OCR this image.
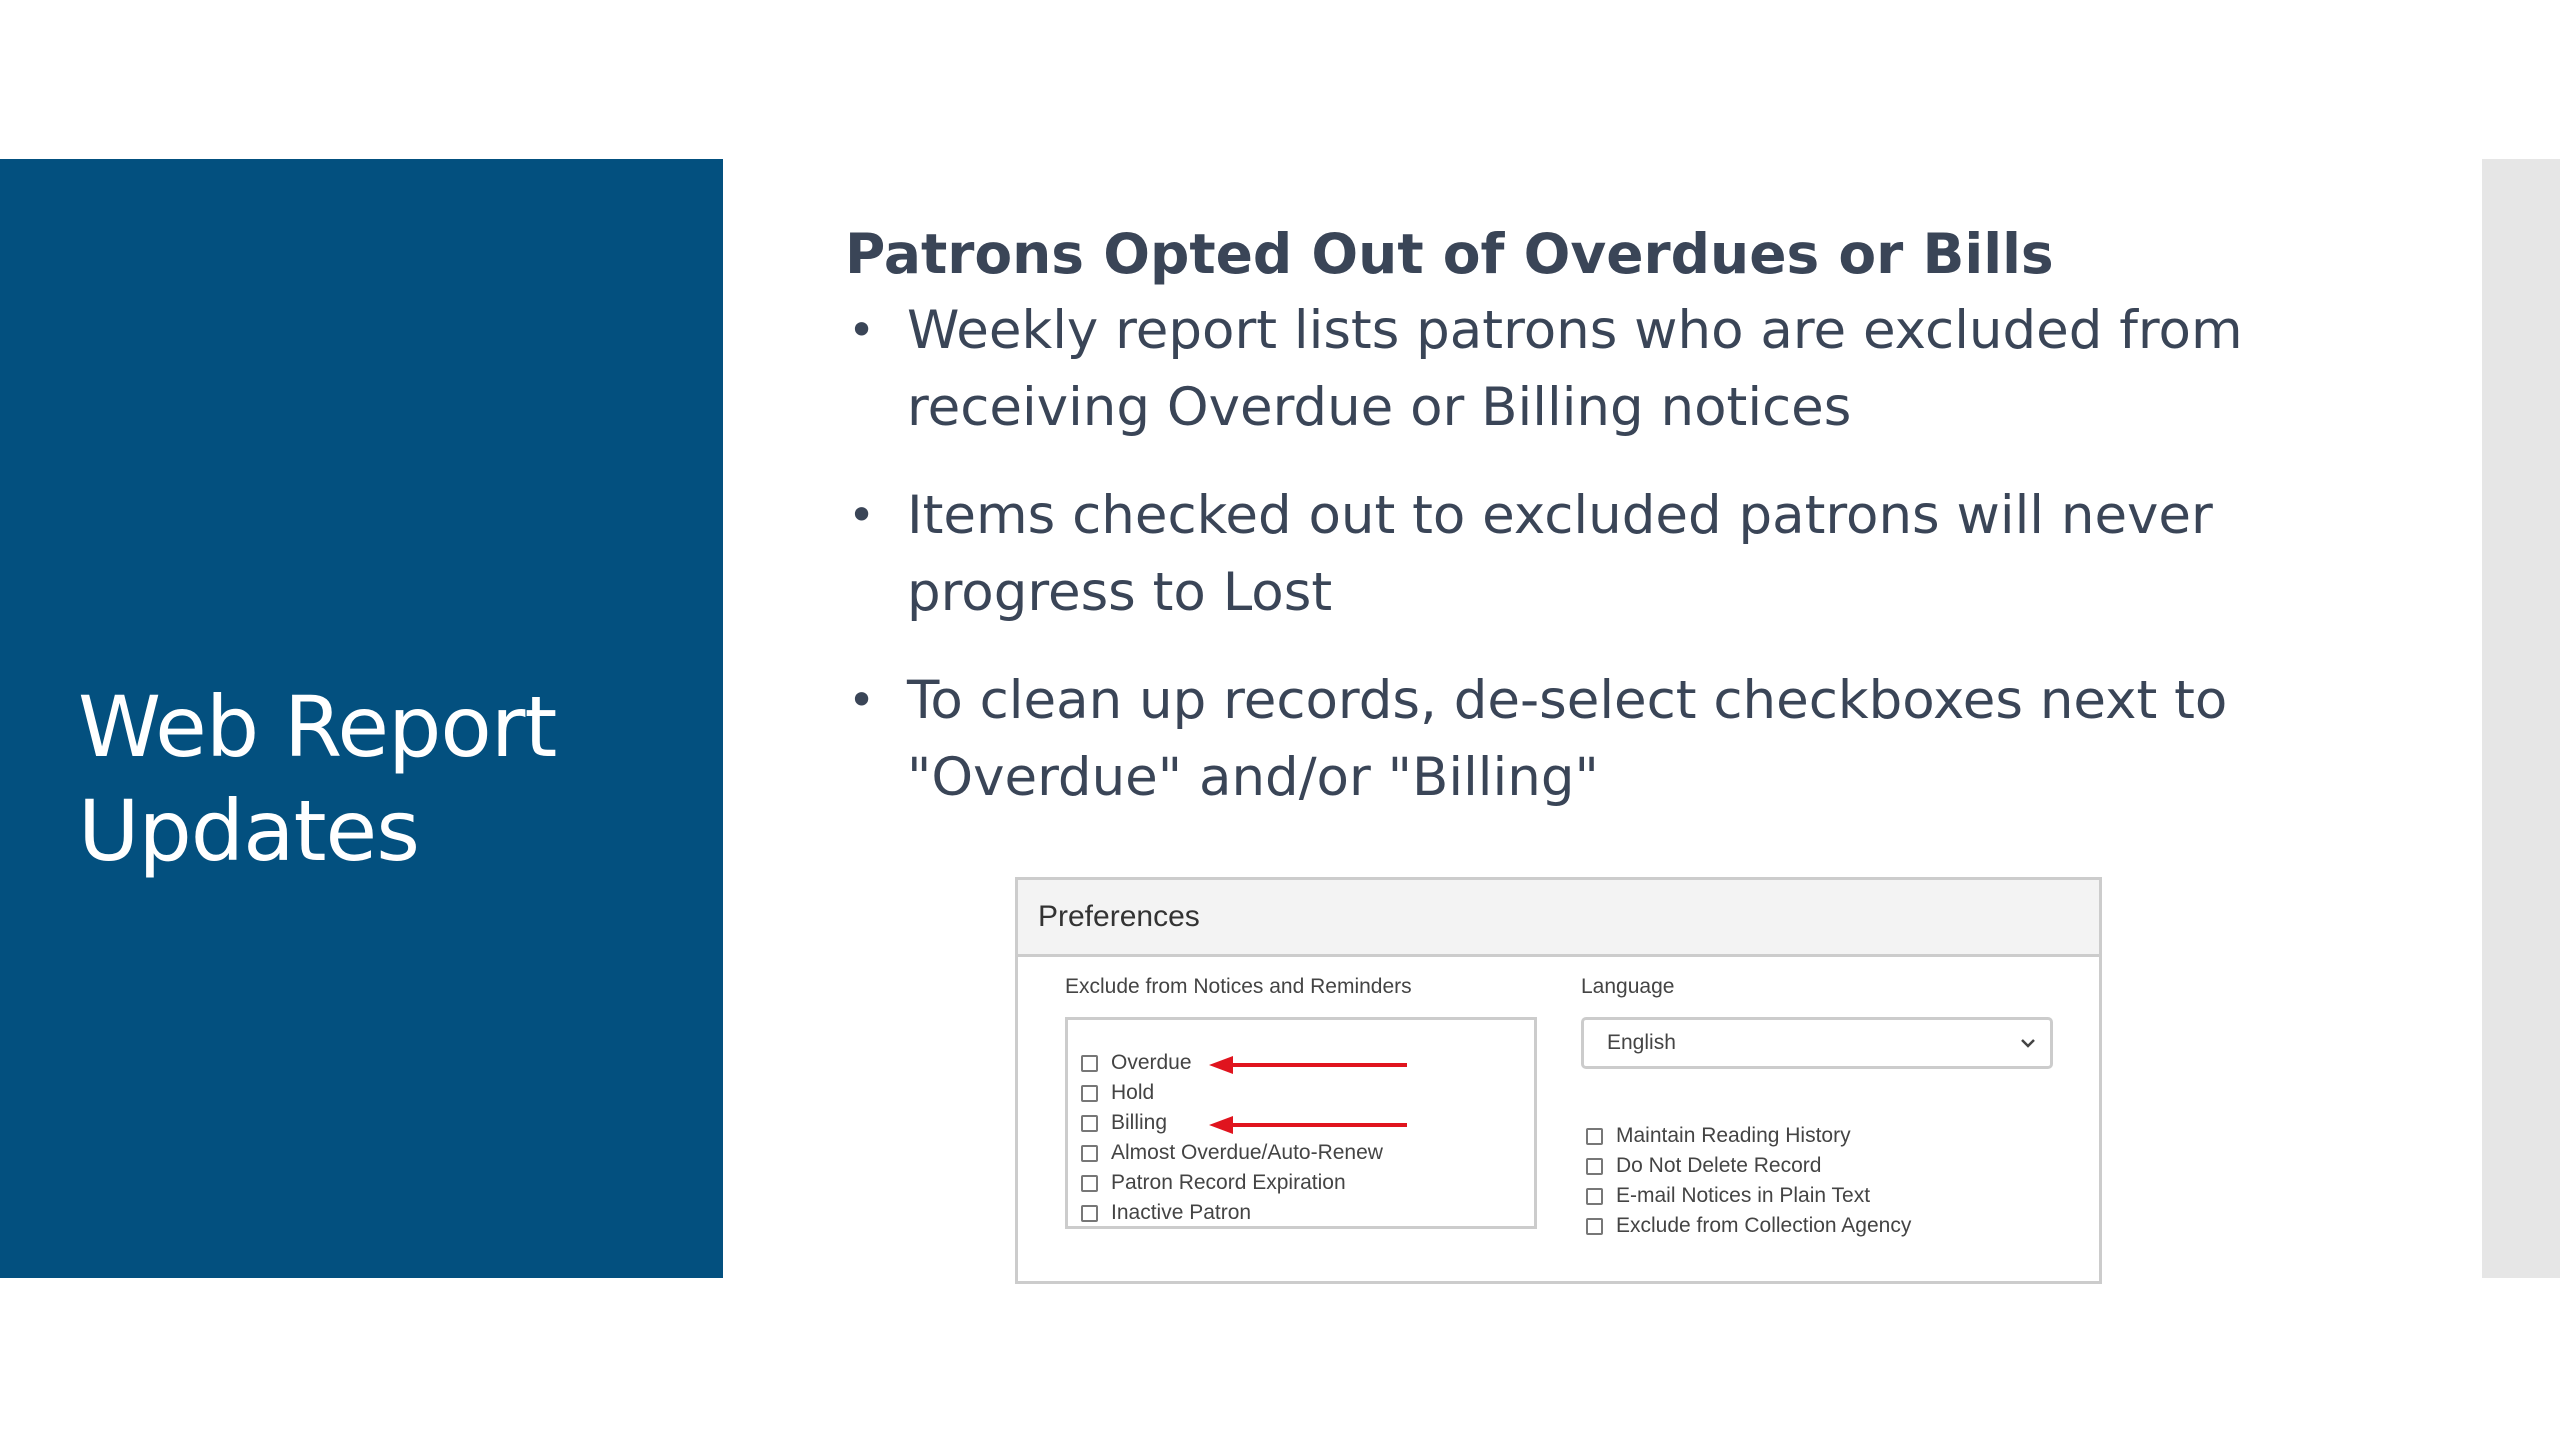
Web Report Updates
Patrons Opted Out of Overdues or Bills
• Weekly report lists patrons who are excluded from receiving Overdue or Billing notices
• Items checked out to excluded patrons will never progress to Lost
• To clean up records, de-select checkboxes next to "Overdue" and/or "Billing"
Preferences
Exclude from Notices and Reminders
Overdue
Hold
Billing
Almost Overdue/Auto-Renew
Patron Record Expiration
Inactive Patron
Language
English
Maintain Reading History
Do Not Delete Record
E-mail Notices in Plain Text
Exclude from Collection Agency
